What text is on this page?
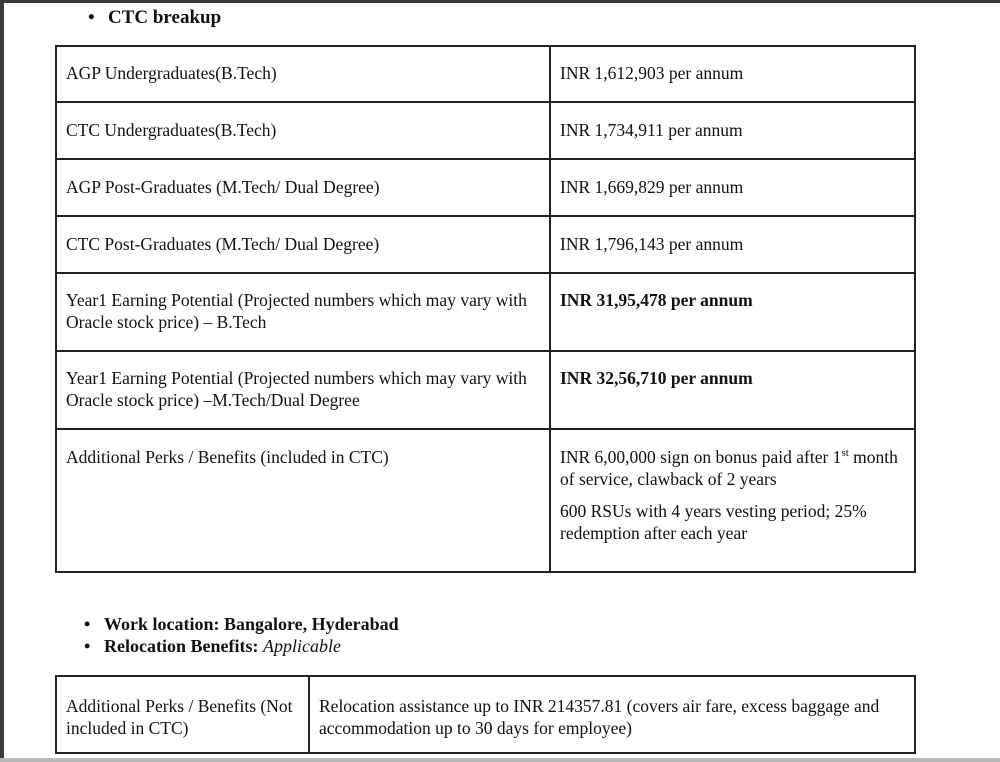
• CTC breakup
AGP Undergraduates(B.Tech)	INR 1,612,903 per annum
CTC Undergraduates(B.Tech)	INR 1,734,911 per annum
AGP Post-Graduates (M.Tech/ Dual Degree)	INR 1,669,829 per annum
CTC Post-Graduates (M.Tech/ Dual Degree)	INR 1,796,143 per annum
Year1 Earning Potential (Projected numbers which may vary with Oracle stock price) – B.Tech	INR 31,95,478 per annum
Year1 Earning Potential (Projected numbers which may vary with Oracle stock price) –M.Tech/Dual Degree	INR 32,56,710 per annum
Additional Perks / Benefits (included in CTC)	INR 6,00,000 sign on bonus paid after 1st month of service, clawback of 2 years

600 RSUs with 4 years vesting period; 25% redemption after each year

• Work location: Bangalore, Hyderabad
• Relocation Benefits: Applicable
Additional Perks / Benefits (Not included in CTC)	Relocation assistance up to INR 214357.81 (covers air fare, excess baggage and accommodation up to 30 days for employee)
